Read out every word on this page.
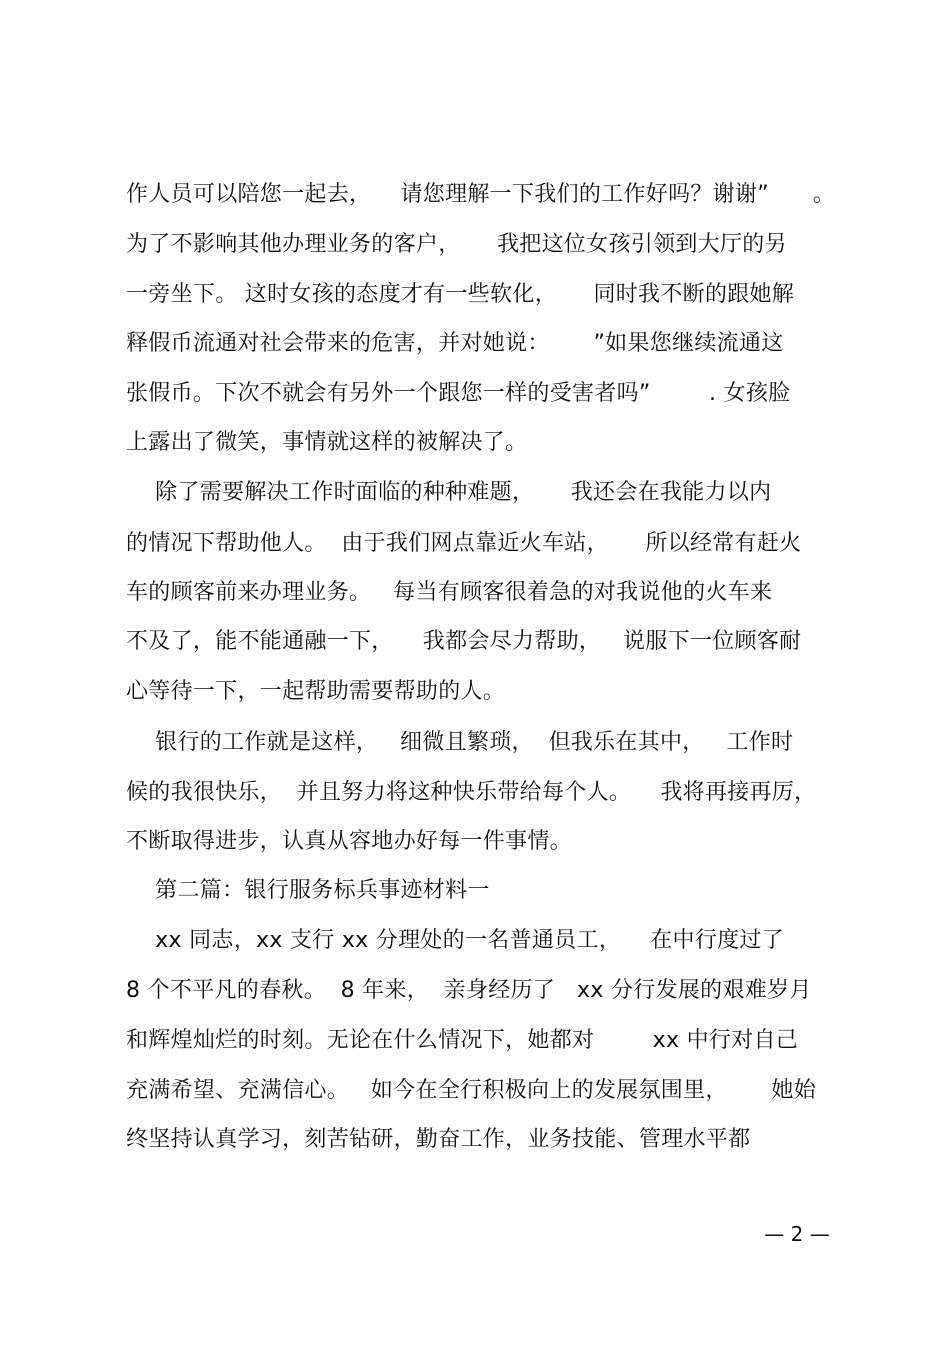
作人员可以陪您一起去，    请您理解一下我们的工作好吗？谢谢”      。
为了不影响其他办理业务的客户，     我把这位女孩引领到大厅的另
一旁坐下。 这时女孩的态度才有一些软化，     同时我不断的跟她解
释假币流通对社会带来的危害，并对她说：      ”如果您继续流通这
张假币。下次不就会有另外一个跟您一样的受害者吗”        . 女孩脸
上露出了微笑，事情就这样的被解决了。
除了需要解决工作时面临的种种难题，     我还会在我能力以内
的情况下帮助他人。  由于我们网点靠近火车站，     所以经常有赶火
车的顾客前来办理业务。   每当有顾客很着急的对我说他的火车来
不及了，能不能通融一下，    我都会尽力帮助，   说服下一位顾客耐
心等待一下，一起帮助需要帮助的人。
银行的工作就是这样，   细微且繁琐，  但我乐在其中，   工作时
候的我很快乐，  并且努力将这种快乐带给每个人。    我将再接再厉，
不断取得进步，认真从容地办好每一件事情。
第二篇：银行服务标兵事迹材料一
xx 同志，xx 支行 xx 分理处的一名普通员工，    在中行度过了
8 个不平凡的春秋。  8 年来，  亲身经历了   xx 分行发展的艰难岁月
和辉煌灿烂的时刻。无论在什么情况下，她都对        xx 中行对自己
充满希望、充满信心。   如今在全行积极向上的发展氛围里，      她始
终坚持认真学习，刻苦钻研，勤奋工作，业务技能、管理水平都
— 2 —
